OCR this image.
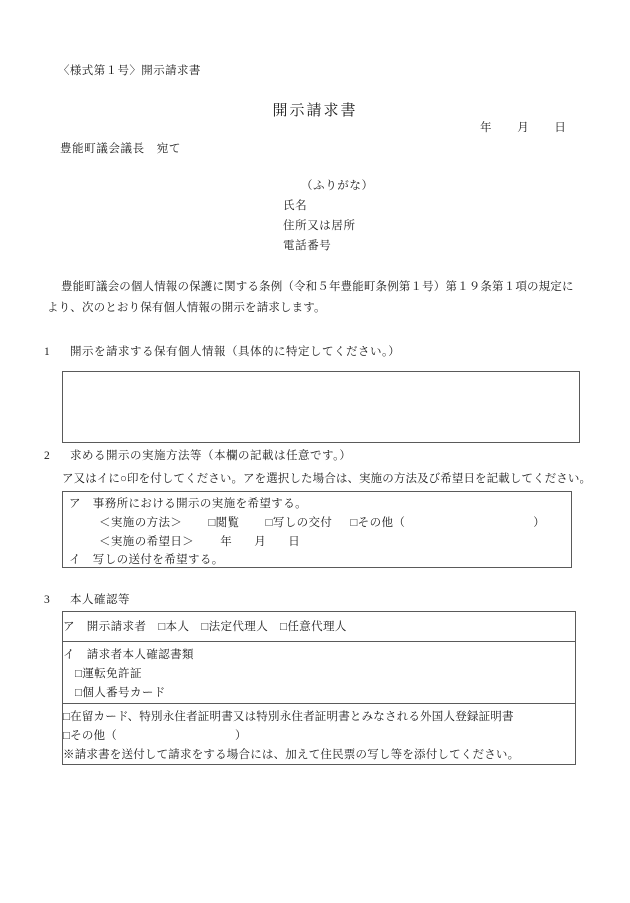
〈様式第１号〉開示請求書
開示請求書
年 月 日
豊能町議会議長　宛て
（ふりがな）
氏名
住所又は居所
電話番号
豊能町議会の個人情報の保護に関する条例（令和５年豊能町条例第１号）第１９条第１項の規定に
より、次のとおり保有個人情報の開示を請求します。
1 開示を請求する保有個人情報（具体的に特定してください。）
2 求める開示の実施方法等（本欄の記載は任意です。）
ア又はイに○印を付してください。アを選択した場合は、実施の方法及び希望日を記載してください。
ア　事務所における開示の実施を希望する。
＜実施の方法＞ □閲覧 □写しの交付 □その他（	）
＜実施の希望日＞ 年 月 日
イ　写しの送付を希望する。
3 本人確認等
ア　開示請求者　□本人　□法定代理人　□任意代理人
イ　請求者本人確認書類
□運転免許証
□個人番号カード
□在留カード、特別永住者証明書又は特別永住者証明書とみなされる外国人登録証明書
□その他（	）
※請求書を送付して請求をする場合には、加えて住民票の写し等を添付してください。
